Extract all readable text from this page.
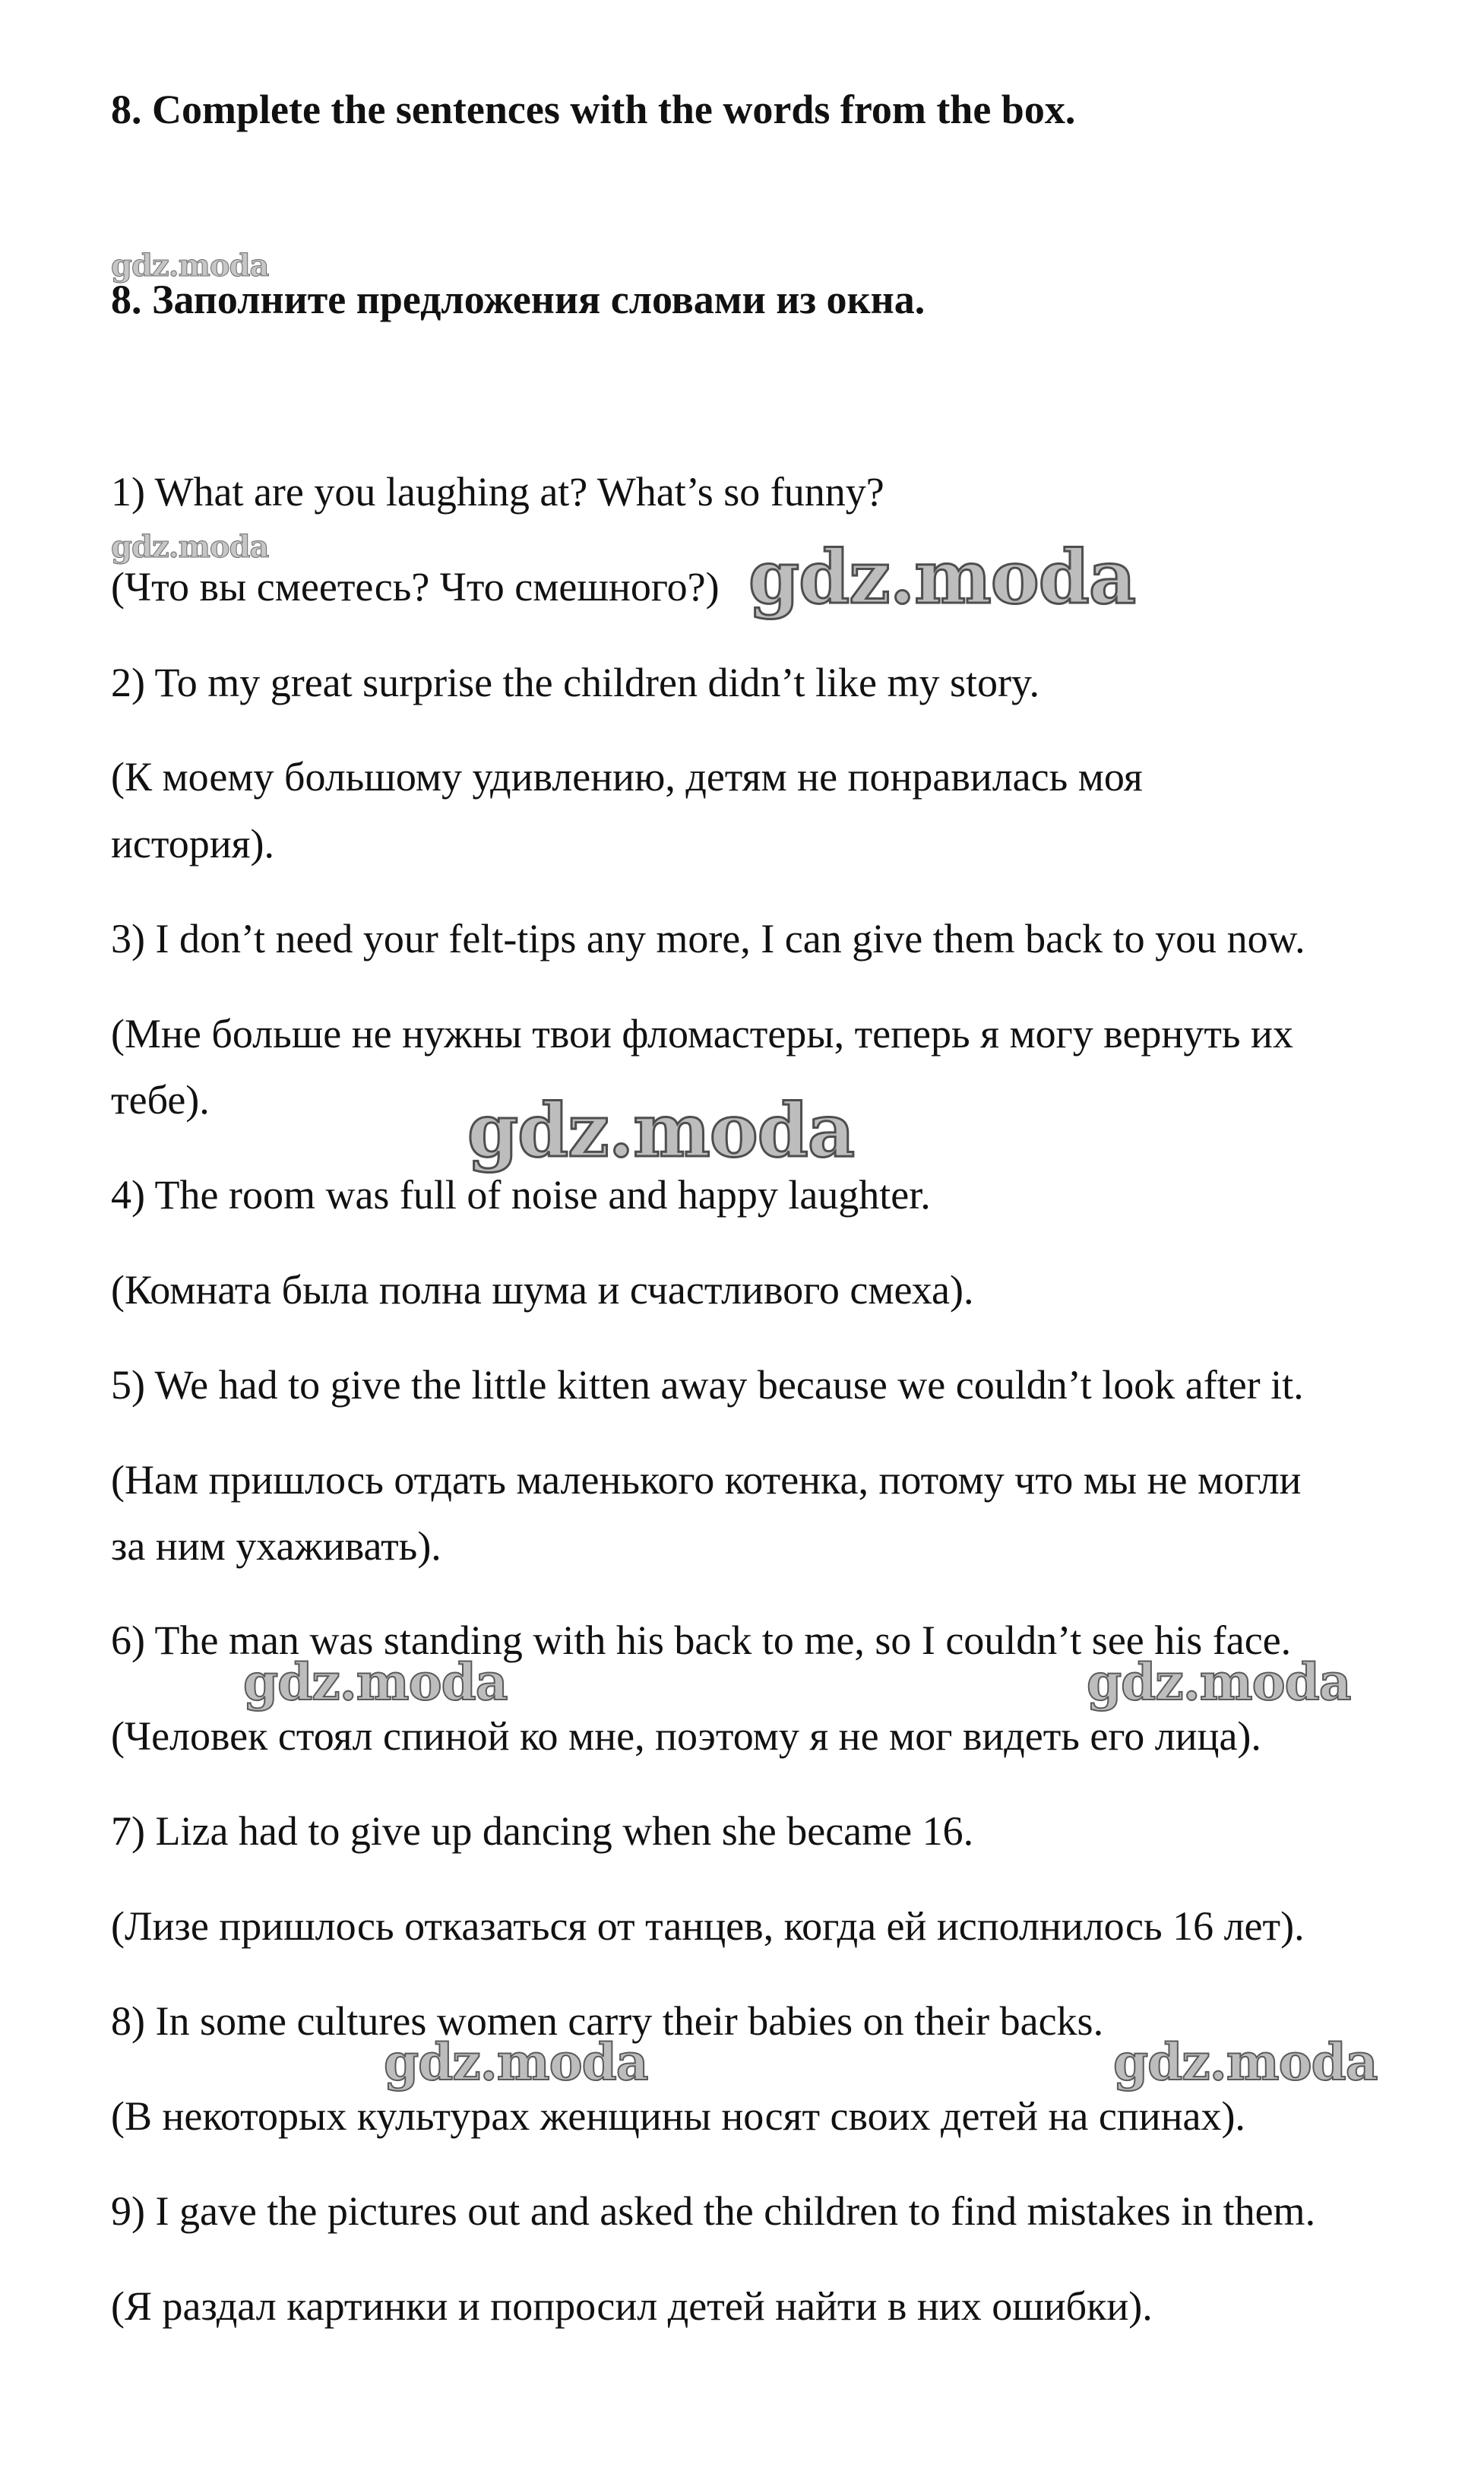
8. Complete the sentences with the words from the box.
gdz.moda
8. Заполните предложения словами из окна.
1) What are you laughing at? What’s so funny?
gdz.moda
(Что вы смеетесь? Что смешного?) gdz.moda
2) To my great surprise the children didn’t like my story.
(К моему большому удивлению, детям не понравилась моя
история).
3) I don’t need your felt-tips any more, I can give them back to you now.
(Мне больше не нужны твои фломастеры, теперь я могу вернуть их
тебе).	gdz.moda
4) The room was full of noise and happy laughter.
(Комната была полна шума и счастливого смеха).
5) We had to give the little kitten away because we couldn’t look after it.
(Нам пришлось отдать маленького котенка, потому что мы не могли
за ним ухаживать).
6) The man was standing with his back to me, so I couldn’t see his face.
gdz.moda	gdz.moda
(Человек стоял спиной ко мне, поэтому я не мог видеть его лица).
7) Liza had to give up dancing when she became 16.
(Лизе пришлось отказаться от танцев, когда ей исполнилось 16 лет).
8) In some cultures women carry their babies on their backs.
gdz.moda	gdz.moda
(В некоторых культурах женщины носят своих детей на спинах).
9) I gave the pictures out and asked the children to find mistakes in them.
(Я раздал картинки и попросил детей найти в них ошибки).
